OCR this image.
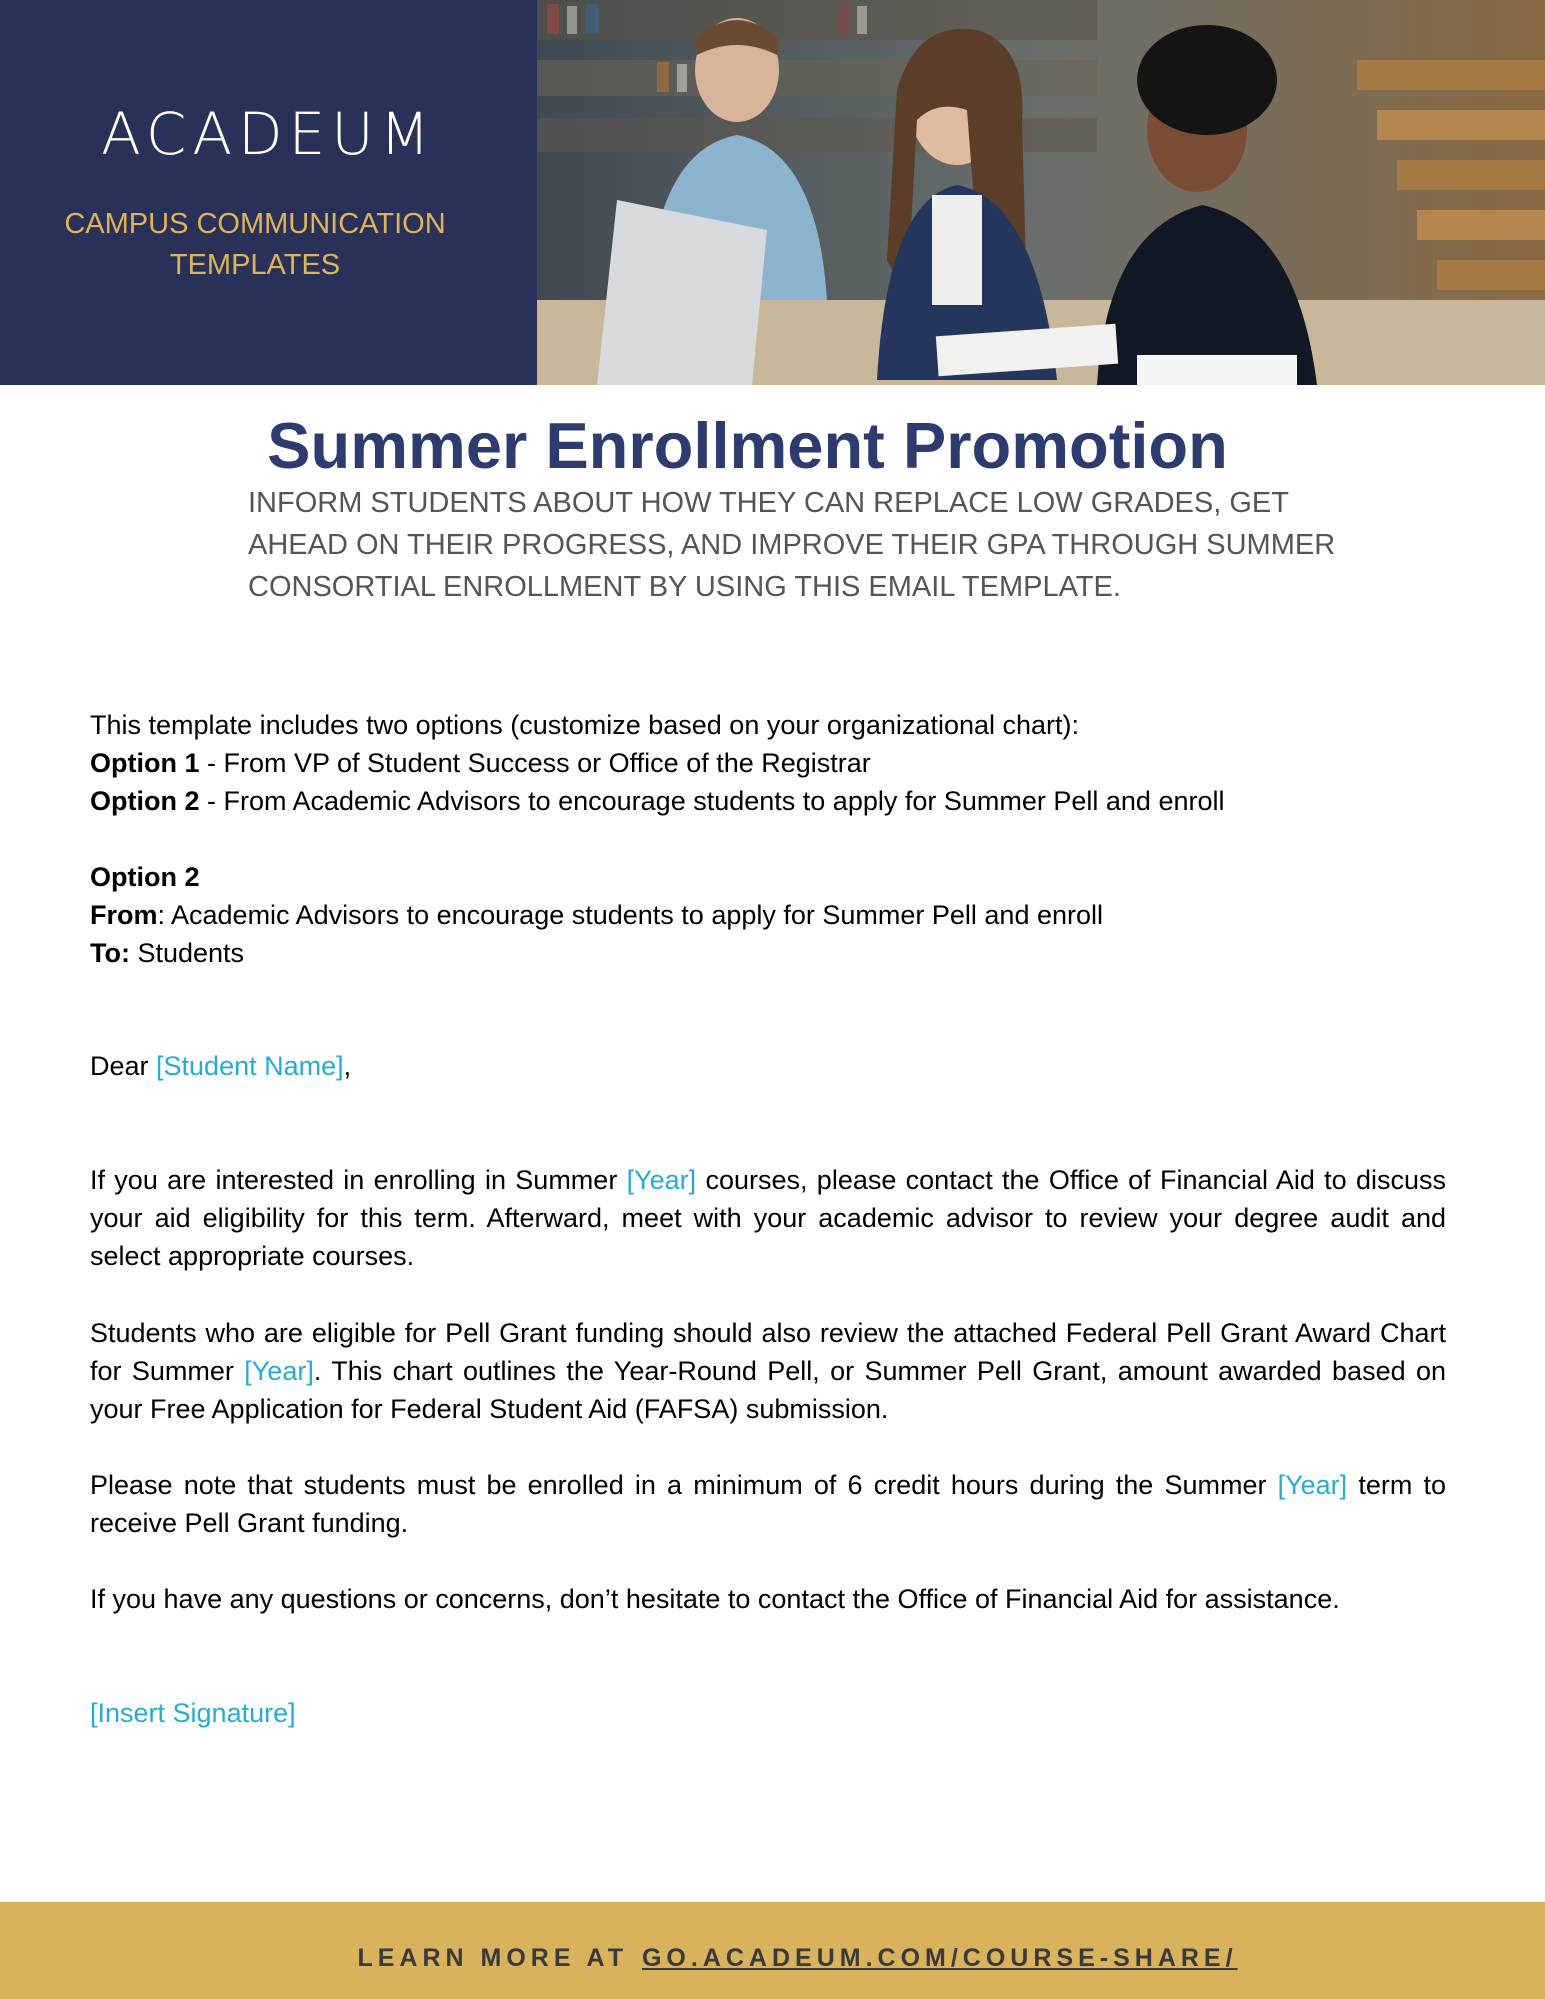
ACADEUM
CAMPUS COMMUNICATION TEMPLATES
Summer Enrollment Promotion
INFORM STUDENTS ABOUT HOW THEY CAN REPLACE LOW GRADES, GET AHEAD ON THEIR PROGRESS, AND IMPROVE THEIR GPA THROUGH SUMMER CONSORTIAL ENROLLMENT BY USING THIS EMAIL TEMPLATE.
This template includes two options (customize based on your organizational chart):
Option 1 - From VP of Student Success or Office of the Registrar
Option 2 - From Academic Advisors to encourage students to apply for Summer Pell and enroll
Option 2
From: Academic Advisors to encourage students to apply for Summer Pell and enroll
To: Students
Dear [Student Name],
If you are interested in enrolling in Summer [Year] courses, please contact the Office of Financial Aid to discuss your aid eligibility for this term. Afterward, meet with your academic advisor to review your degree audit and select appropriate courses.
Students who are eligible for Pell Grant funding should also review the attached Federal Pell Grant Award Chart for Summer [Year]. This chart outlines the Year-Round Pell, or Summer Pell Grant, amount awarded based on your Free Application for Federal Student Aid (FAFSA) submission.
Please note that students must be enrolled in a minimum of 6 credit hours during the Summer [Year] term to receive Pell Grant funding.
If you have any questions or concerns, don’t hesitate to contact the Office of Financial Aid for assistance.
[Insert Signature]
LEARN MORE AT GO.ACADEUM.COM/COURSE-SHARE/
